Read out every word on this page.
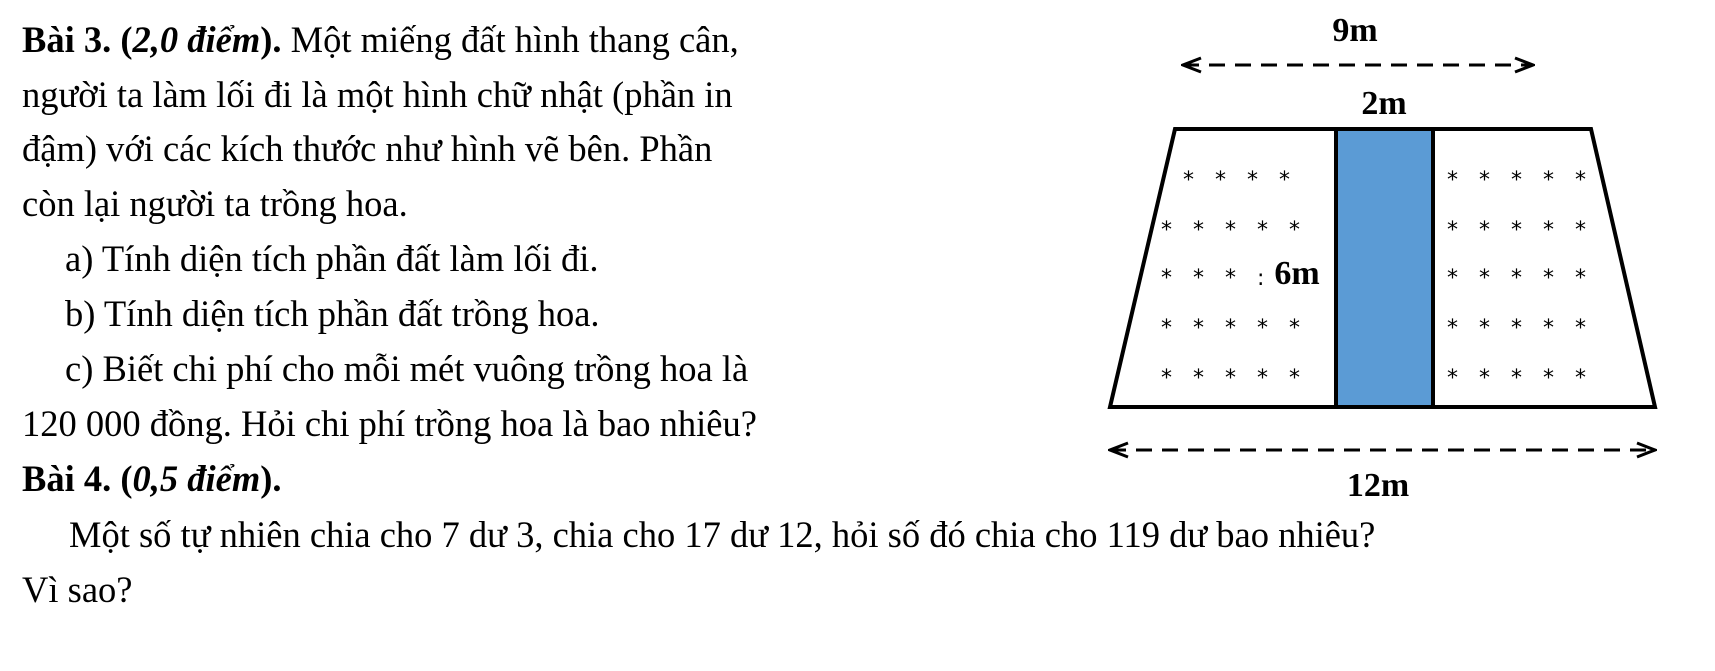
Bài 3. (2,0 điểm). Một miếng đất hình thang cân,
người ta làm lối đi là một hình chữ nhật (phần in
đậm) với các kích thước như hình vẽ bên. Phần
còn lại người ta trồng hoa.
a) Tính diện tích phần đất làm lối đi.
b) Tính diện tích phần đất trồng hoa.
c) Biết chi phí cho mỗi mét vuông trồng hoa là
120 000 đồng. Hỏi chi phí trồng hoa là bao nhiêu?
Bài 4. (0,5 điểm).
Một số tự nhiên chia cho 7 dư 3, chia cho 17 dư 12, hỏi số đó chia cho 119 dư bao nhiêu?
Vì sao?
9m
2m
* * * *
* * * * *
* * * :
* * * * *
* * * * *
6m
* * * * *
* * * * *
* * * * *
* * * * *
* * * * *
12m
